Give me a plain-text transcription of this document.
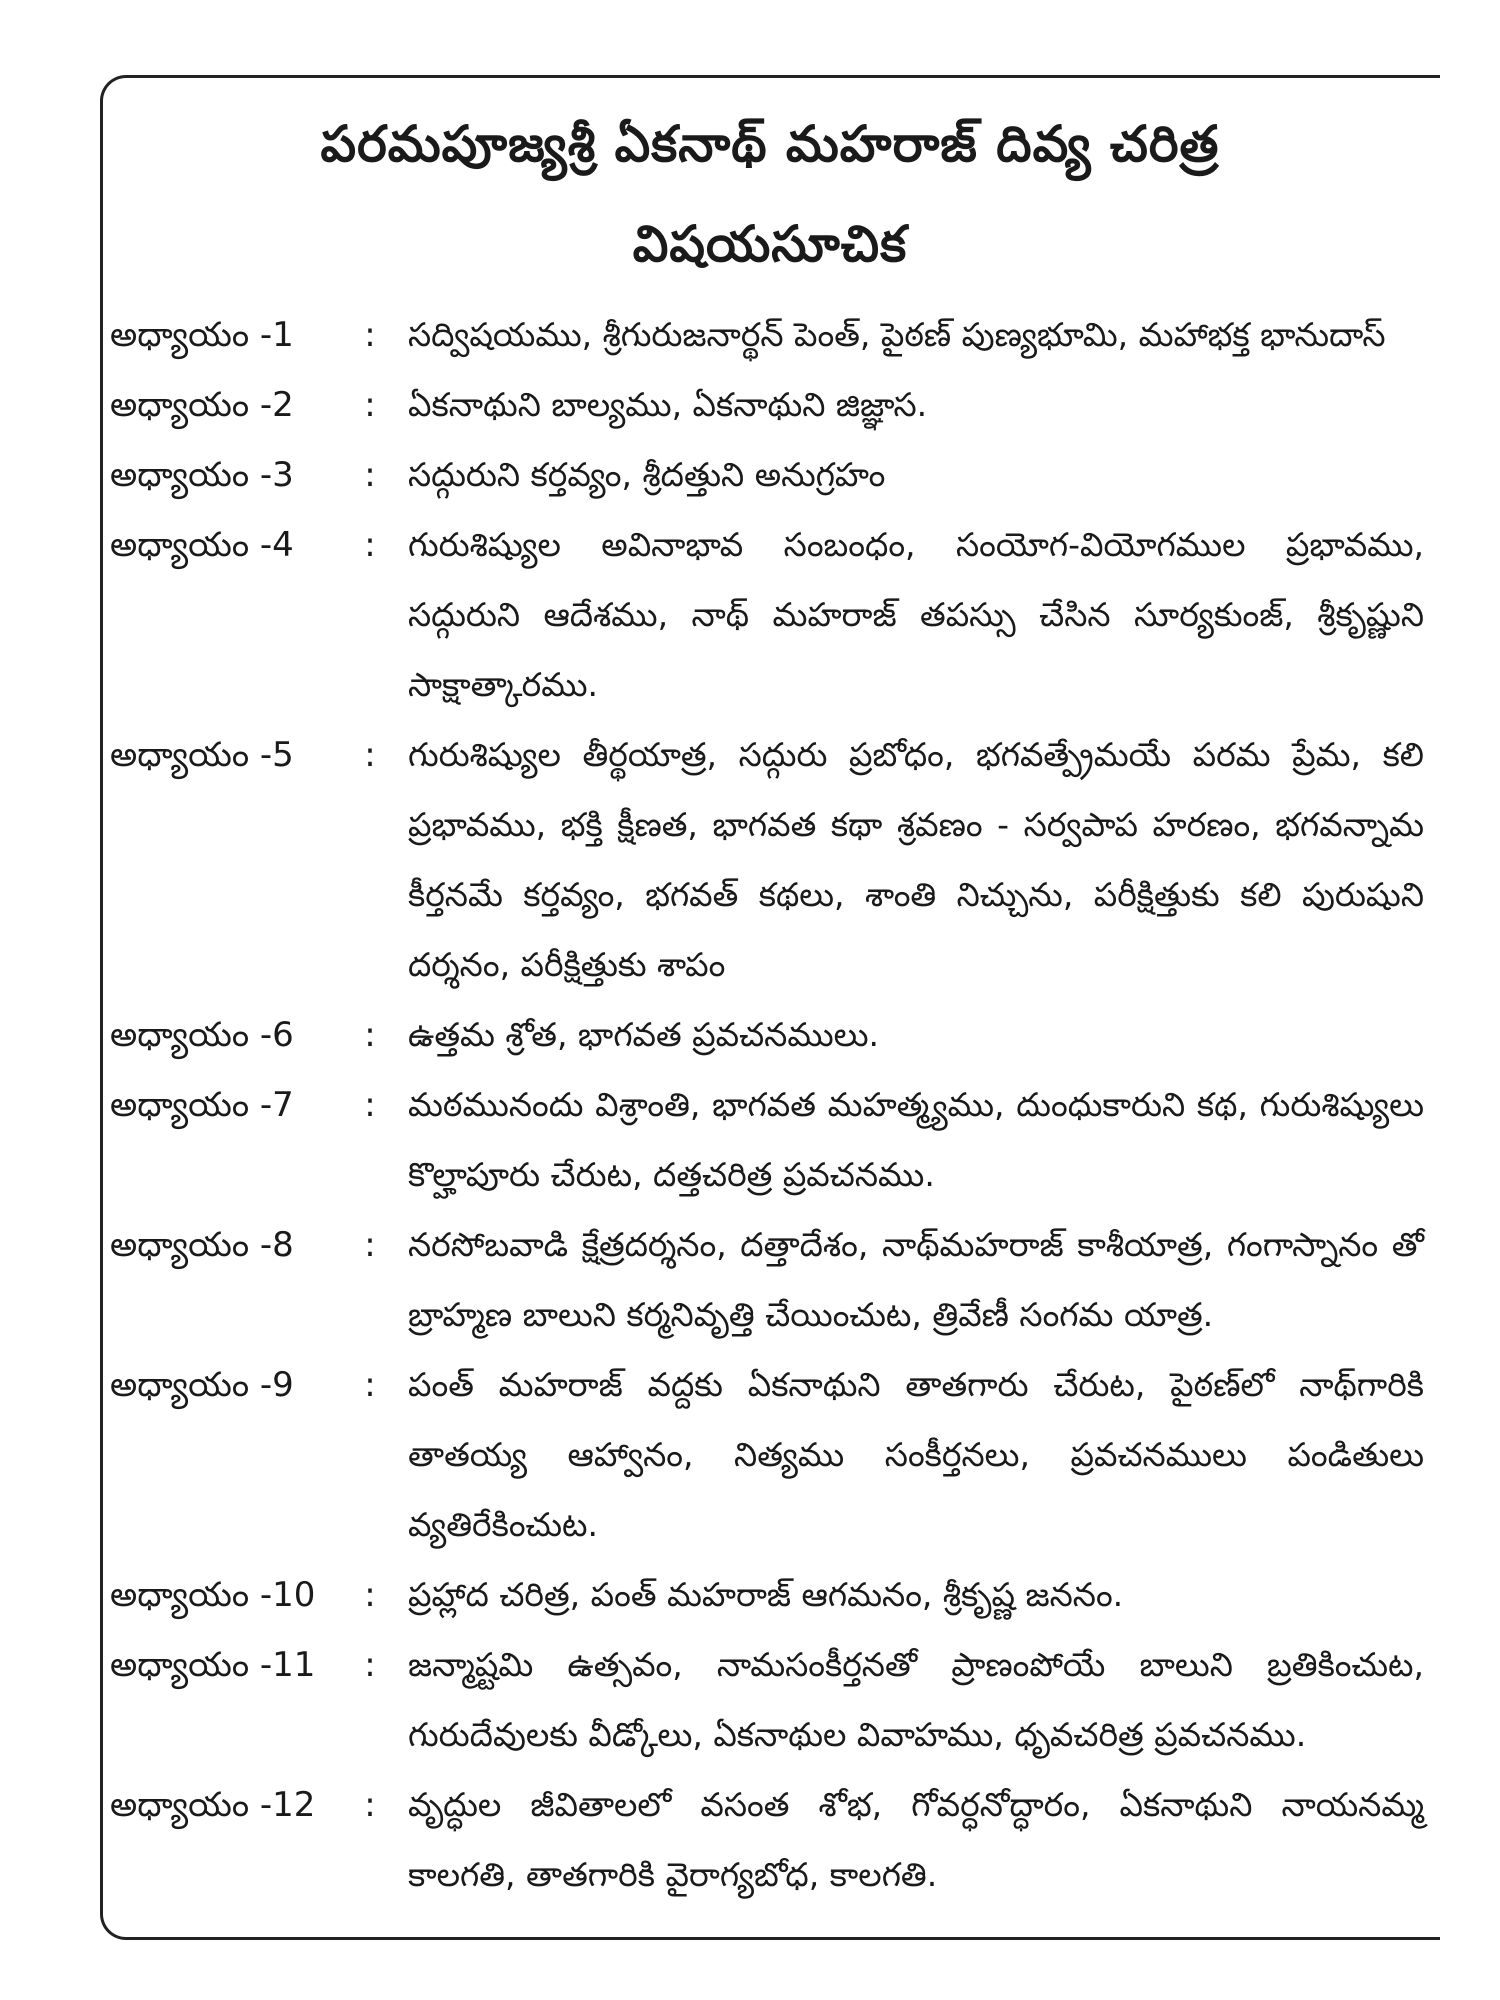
పరమపూజ్యశ్రీ ఏకనాథ్ మహరాజ్ దివ్య చరిత్ర
విషయసూచిక
అధ్యాయం -1	: సద్విషయము, శ్రీగురుజనార్థన్ పెంత్, పైఠణ్ పుణ్యభూమి, మహాభక్త భానుదాస్
అధ్యాయం -2	: ఏకనాథుని బాల్యము, ఏకనాథుని జిజ్ఞాస.
అధ్యాయం -3	: సద్గురుని కర్తవ్యం, శ్రీదత్తుని అనుగ్రహం
అధ్యాయం -4	: గురుశిష్యుల అవినాభావ సంబంధం, సంయోగ-వియోగముల ప్రభావము, సద్గురుని ఆదేశము, నాథ్ మహరాజ్ తపస్సు చేసిన సూర్యకుంజ్, శ్రీకృష్ణుని సాక్షాత్కారము.
అధ్యాయం -5	: గురుశిష్యుల తీర్థయాత్ర, సద్గురు ప్రబోధం, భగవత్ప్రేమయే పరమ ప్రేమ, కలి ప్రభావము, భక్తి క్షీణత, భాగవత కథా శ్రవణం - సర్వపాప హరణం, భగవన్నామ కీర్తనమే కర్తవ్యం, భగవత్ కథలు, శాంతి నిచ్చును, పరీక్షిత్తుకు కలి పురుషుని దర్శనం, పరీక్షిత్తుకు శాపం
అధ్యాయం -6	: ఉత్తమ శ్రోత, భాగవత ప్రవచనములు.
అధ్యాయం -7	: మఠమునందు విశ్రాంతి, భాగవత మహత్మ్యము, దుంధుకారుని కథ, గురుశిష్యులు కొల్హాపూరు చేరుట, దత్తచరిత్ర ప్రవచనము.
అధ్యాయం -8	: నరసోబవాడి క్షేత్రదర్శనం, దత్తాదేశం, నాథ్‌మహరాజ్ కాశీయాత్ర, గంగాస్నానం తో బ్రాహ్మణ బాలుని కర్మనివృత్తి చేయించుట, త్రివేణీ సంగమ యాత్ర.
అధ్యాయం -9	: పంత్ మహరాజ్ వద్దకు ఏకనాథుని తాతగారు చేరుట, పైఠణ్‌లో నాథ్‌గారికి తాతయ్య ఆహ్వానం, నిత్యము సంకీర్తనలు, ప్రవచనములు పండితులు వ్యతిరేకించుట.
అధ్యాయం -10	: ప్రహ్లాద చరిత్ర, పంత్ మహరాజ్ ఆగమనం, శ్రీకృష్ణ జననం.
అధ్యాయం -11	: జన్మాష్టమి ఉత్సవం, నామసంకీర్తనతో ప్రాణంపోయే బాలుని బ్రతికించుట, గురుదేవులకు వీడ్కోలు, ఏకనాథుల వివాహము, ధృవచరిత్ర ప్రవచనము.
అధ్యాయం -12	: వృద్ధుల జీవితాలలో వసంత శోభ, గోవర్ధనోద్ధారం, ఏకనాథుని నాయనమ్మ కాలగతి, తాతగారికి వైరాగ్యబోధ, కాలగతి.
